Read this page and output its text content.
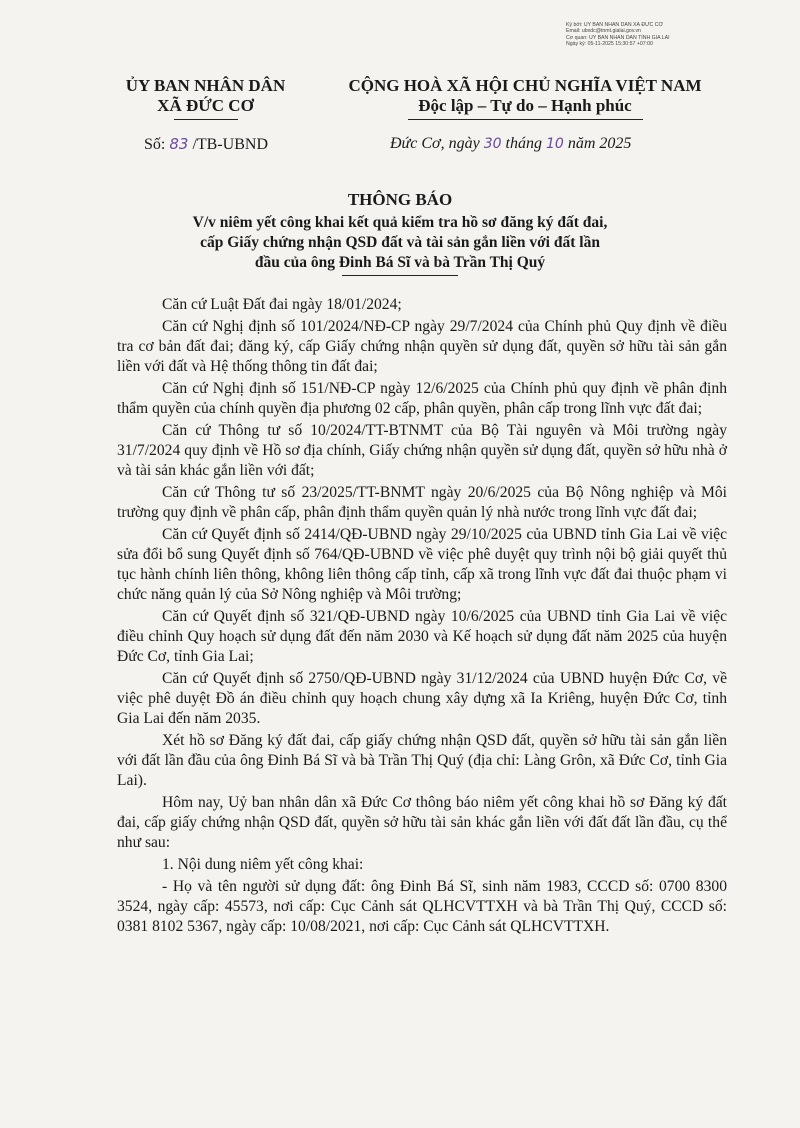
Ký bởi: ỦY BAN NHÂN DÂN XÃ ĐỨC CƠ
Email: ubxdc@tnmt.gialai.gov.vn
Cơ quan: ỦY BAN NHÂN DÂN TỈNH GIA LAI
Ngày ký: 05-11-2025 15:30:57 +07:00
ỦY BAN NHÂN DÂN
XÃ ĐỨC CƠ
CỘNG HOÀ XÃ HỘI CHỦ NGHĨA VIỆT NAM
Độc lập – Tự do – Hạnh phúc
Số: 83 /TB-UBND	Đức Cơ, ngày 30 tháng 10 năm 2025
THÔNG BÁO
V/v niêm yết công khai kết quả kiểm tra hồ sơ đăng ký đất đai,
cấp Giấy chứng nhận QSD đất và tài sản gắn liền với đất lần
đầu của ông Đinh Bá Sĩ và bà Trần Thị Quý

Căn cứ Luật Đất đai ngày 18/01/2024;

Căn cứ Nghị định số 101/2024/NĐ-CP ngày 29/7/2024 của Chính phủ Quy định về điều tra cơ bản đất đai; đăng ký, cấp Giấy chứng nhận quyền sử dụng đất, quyền sở hữu tài sản gắn liền với đất và Hệ thống thông tin đất đai;

Căn cứ Nghị định số 151/NĐ-CP ngày 12/6/2025 của Chính phủ quy định về phân định thẩm quyền của chính quyền địa phương 02 cấp, phân quyền, phân cấp trong lĩnh vực đất đai;

Căn cứ Thông tư số 10/2024/TT-BTNMT của Bộ Tài nguyên và Môi trường ngày 31/7/2024 quy định về Hồ sơ địa chính, Giấy chứng nhận quyền sử dụng đất, quyền sở hữu nhà ở và tài sản khác gắn liền với đất;

Căn cứ Thông tư số 23/2025/TT-BNMT ngày 20/6/2025 của Bộ Nông nghiệp và Môi trường quy định về phân cấp, phân định thẩm quyền quản lý nhà nước trong lĩnh vực đất đai;

Căn cứ Quyết định số 2414/QĐ-UBND ngày 29/10/2025 của UBND tỉnh Gia Lai về việc sửa đổi bổ sung Quyết định số 764/QĐ-UBND về việc phê duyệt quy trình nội bộ giải quyết thủ tục hành chính liên thông, không liên thông cấp tỉnh, cấp xã trong lĩnh vực đất đai thuộc phạm vi chức năng quản lý của Sở Nông nghiệp và Môi trường;

Căn cứ Quyết định số 321/QĐ-UBND ngày 10/6/2025 của UBND tỉnh Gia Lai về việc điều chỉnh Quy hoạch sử dụng đất đến năm 2030 và Kế hoạch sử dụng đất năm 2025 của huyện Đức Cơ, tỉnh Gia Lai;

Căn cứ Quyết định số 2750/QĐ-UBND ngày 31/12/2024 của UBND huyện Đức Cơ, về việc phê duyệt Đồ án điều chỉnh quy hoạch chung xây dựng xã Ia Kriêng, huyện Đức Cơ, tỉnh Gia Lai đến năm 2035.

Xét hồ sơ Đăng ký đất đai, cấp giấy chứng nhận QSD đất, quyền sở hữu tài sản gắn liền với đất lần đầu của ông Đinh Bá Sĩ và bà Trần Thị Quý (địa chỉ: Làng Grôn, xã Đức Cơ, tỉnh Gia Lai).

Hôm nay, Uỷ ban nhân dân xã Đức Cơ thông báo niêm yết công khai hồ sơ Đăng ký đất đai, cấp giấy chứng nhận QSD đất, quyền sở hữu tài sản khác gắn liền với đất đất lần đầu, cụ thể như sau:

1. Nội dung niêm yết công khai:

- Họ và tên người sử dụng đất: ông Đinh Bá Sĩ, sinh năm 1983, CCCD số: 0700 8300 3524, ngày cấp: 45573, nơi cấp: Cục Cảnh sát QLHCVTTXH và bà Trần Thị Quý, CCCD số: 0381 8102 5367, ngày cấp: 10/08/2021, nơi cấp: Cục Cảnh sát QLHCVTTXH.
